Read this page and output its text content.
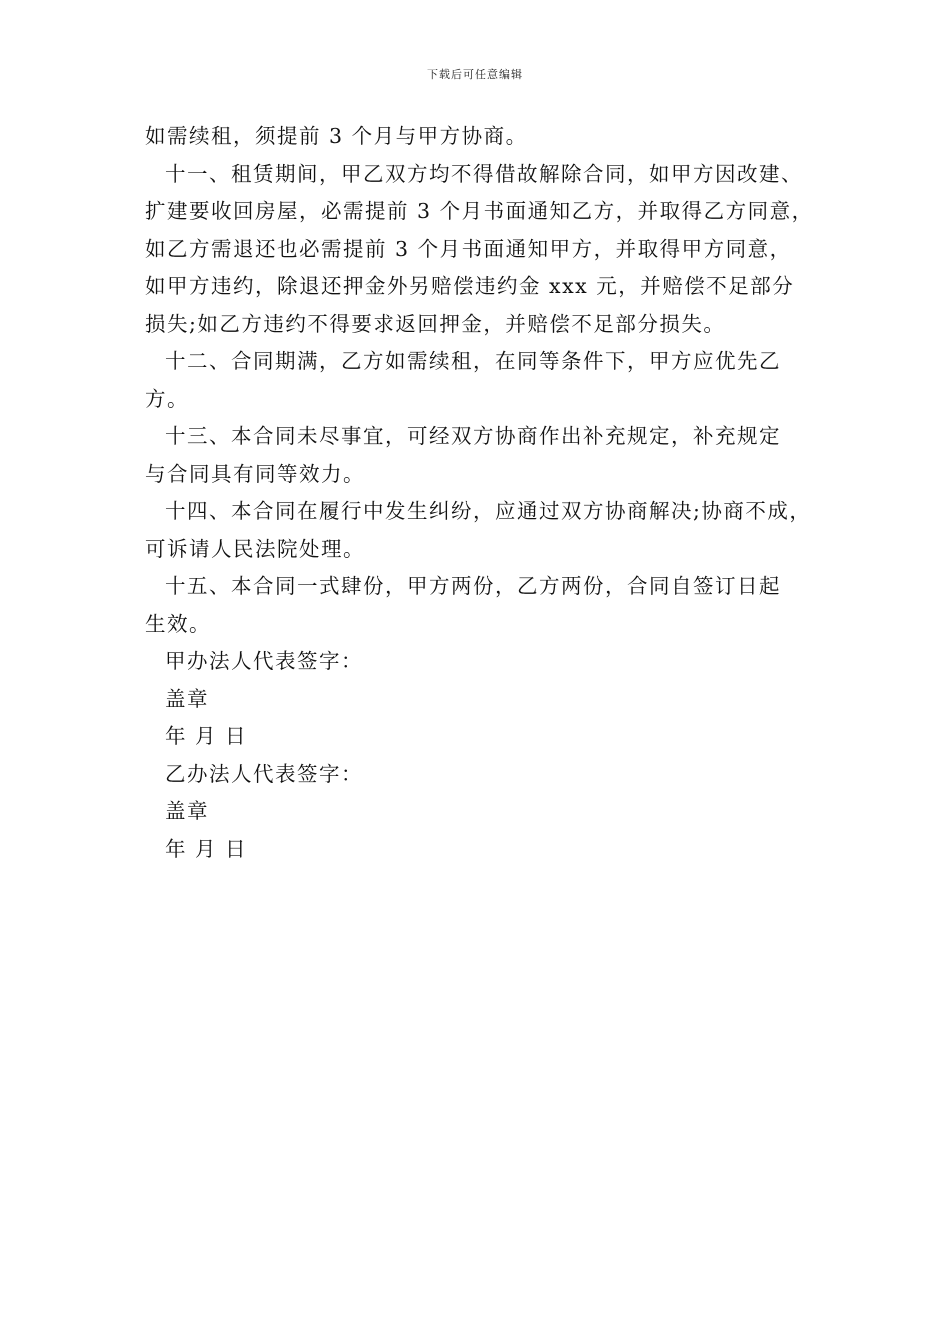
下载后可任意编辑
如需续租，须提前 3 个月与甲方协商。
十一、租赁期间，甲乙双方均不得借故解除合同，如甲方因改建、
扩建要收回房屋，必需提前 3 个月书面通知乙方，并取得乙方同意，
如乙方需退还也必需提前 3 个月书面通知甲方，并取得甲方同意，
如甲方违约，除退还押金外另赔偿违约金 xxx 元，并赔偿不足部分
损失;如乙方违约不得要求返回押金，并赔偿不足部分损失。
十二、合同期满，乙方如需续租，在同等条件下，甲方应优先乙
方。
十三、本合同未尽事宜，可经双方协商作出补充规定，补充规定
与合同具有同等效力。
十四、本合同在履行中发生纠纷，应通过双方协商解决;协商不成，
可诉请人民法院处理。
十五、本合同一式肆份，甲方两份，乙方两份，合同自签订日起
生效。
甲办法人代表签字：
盖章
年 月 日
乙办法人代表签字：
盖章
年 月 日
